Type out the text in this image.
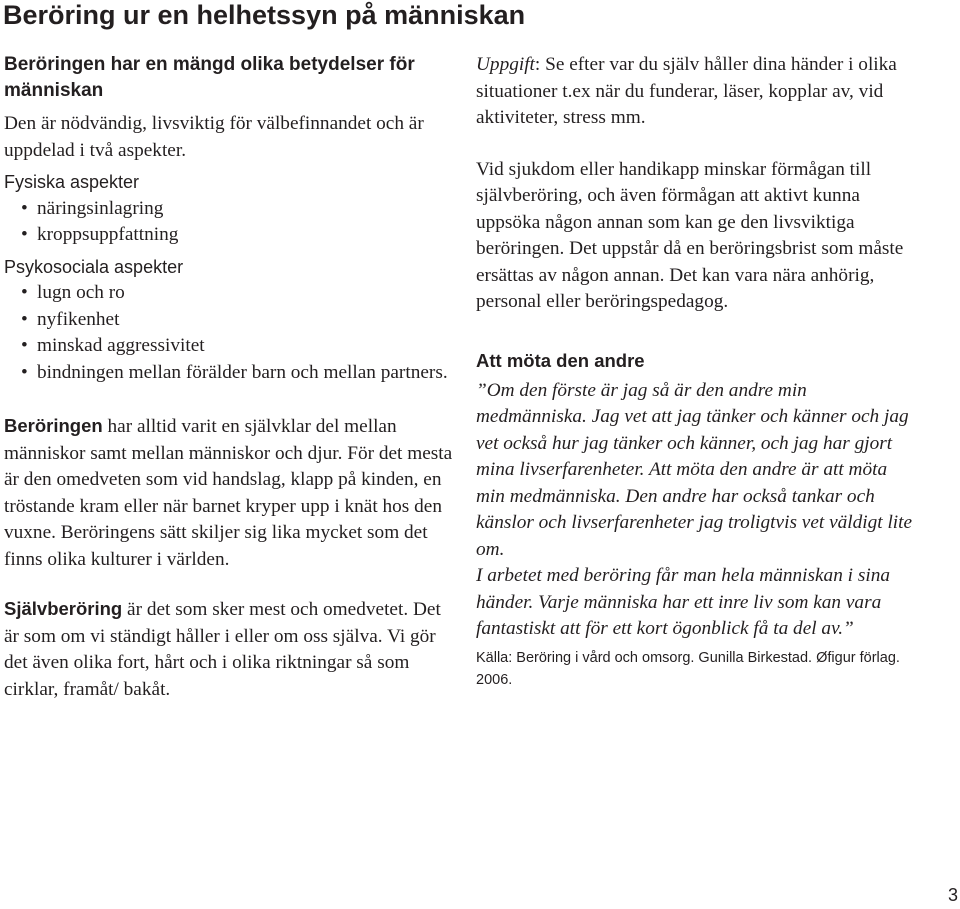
Beröring ur en helhetssyn på människan

Beröringen har en mängd olika betydelser för människan

Den är nödvändig, livsviktig för välbefinnandet och är uppdelad i två aspekter.

Fysiska aspekter

• näringsinlagring
• kroppsuppfattning

Psykosociala aspekter

• lugn och ro
• nyfikenhet
• minskad aggressivitet
• bindningen mellan förälder barn och mellan partners.

Beröringen har alltid varit en självklar del mellan människor samt mellan människor och djur. För det mesta är den omedveten som vid handslag, klapp på kinden, en tröstande kram eller när barnet kryper upp i knät hos den vuxne. Beröringens sätt skiljer sig lika mycket som det finns olika kulturer i världen.

Självberöring är det som sker mest och omedvetet. Det är som om vi ständigt håller i eller om oss själva. Vi gör det även olika fort, hårt och i olika riktningar så som cirklar, framåt/ bakåt.

Uppgift: Se efter var du själv håller dina händer i olika situationer t.ex när du funderar, läser, kopplar av, vid aktiviteter, stress mm.

Vid sjukdom eller handikapp minskar förmågan till självberöring, och även förmågan att aktivt kunna uppsöka någon annan som kan ge den livsviktiga beröringen. Det uppstår då en beröringsbrist som måste ersättas av någon annan. Det kan vara nära anhörig, personal eller beröringspedagog.

Att möta den andre

”Om den förste är jag så är den andre min medmänniska. Jag vet att jag tänker och känner och jag vet också hur jag tänker och känner, och jag har gjort mina livserfarenheter. Att möta den andre är att möta min medmänniska. Den andre har också tankar och känslor och livserfarenheter jag troligtvis vet väldigt lite om.

I arbetet med beröring får man hela människan i sina händer. Varje människa har ett inre liv som kan vara fantastiskt att för ett kort ögonblick få ta del av.”

Källa: Beröring i vård och omsorg. Gunilla Birkestad. Øfigur förlag. 2006.

3
